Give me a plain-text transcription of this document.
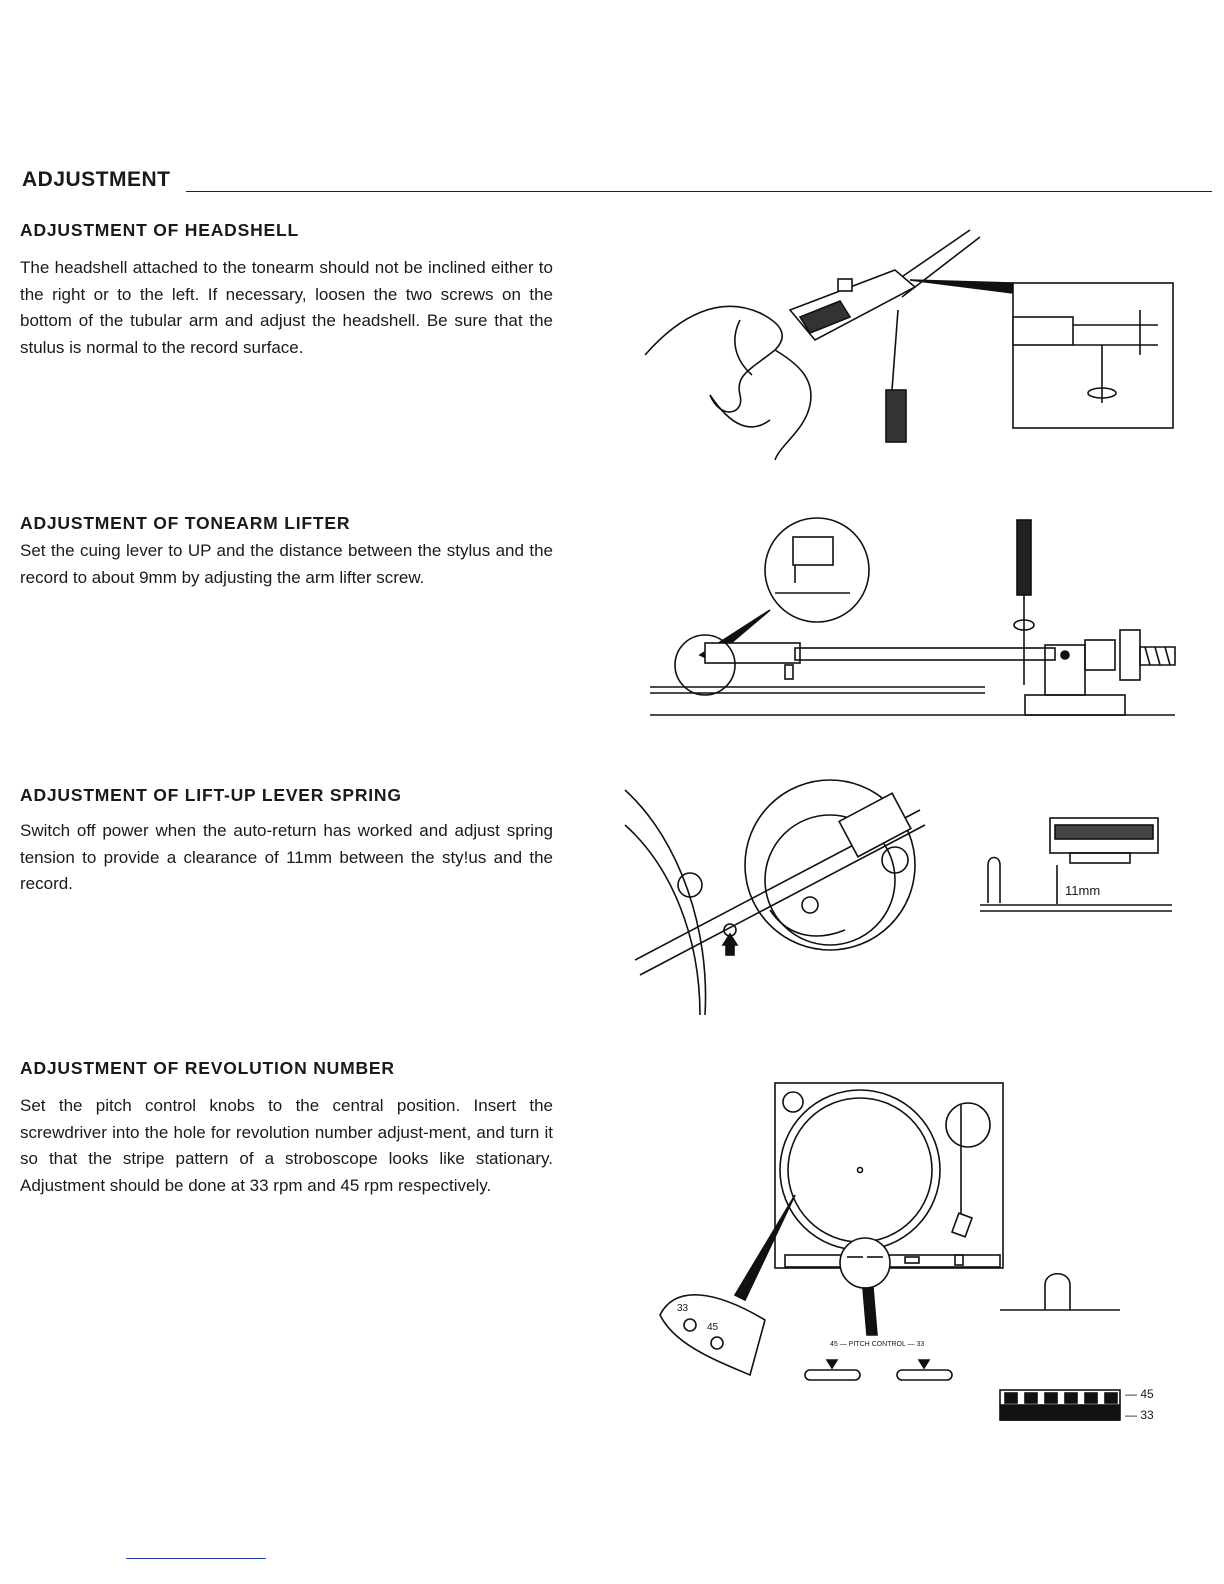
ADJUSTMENT
ADJUSTMENT OF HEADSHELL
The headshell attached to the tonearm should not be inclined either to the right or to the left. If necessary, loosen the two screws on the bottom of the tubular arm and adjust the headshell. Be sure that the stulus is normal to the record surface.
ADJUSTMENT OF TONEARM LIFTER
Set the cuing lever to UP and the distance between the stylus and the record to about 9mm by adjusting the arm lifter screw.
ADJUSTMENT OF LIFT-UP LEVER SPRING
Switch off power when the auto-return has worked and adjust spring tension to provide a clearance of 11mm between the sty!us and the record.
ADJUSTMENT OF REVOLUTION NUMBER
Set the pitch control knobs to the central position. Insert the screwdriver into the hole for revolution number adjust-ment, and turn it so that the stripe pattern of a stroboscope looks like stationary. Adjustment should be done at 33 rpm and 45 rpm respectively.
11mm
33
45
45 — PITCH CONTROL — 33
— 45
— 33
